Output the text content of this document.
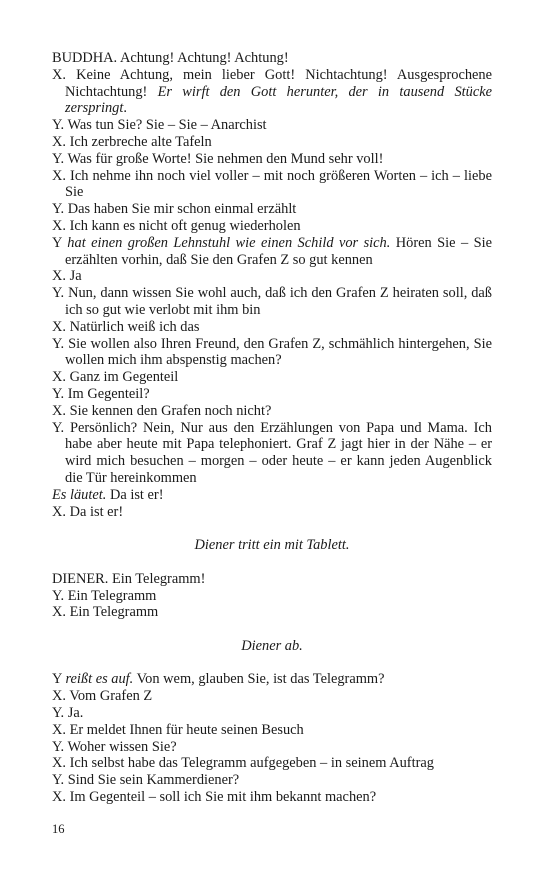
BUDDHA. Achtung! Achtung! Achtung!
X. Keine Achtung, mein lieber Gott! Nichtachtung! Ausgesprochene Nichtachtung! Er wirft den Gott herunter, der in tausend Stücke zerspringt.
Y. Was tun Sie? Sie – Sie – Anarchist
X. Ich zerbreche alte Tafeln
Y. Was für große Worte! Sie nehmen den Mund sehr voll!
X. Ich nehme ihn noch viel voller – mit noch größeren Worten – ich – liebe Sie
Y. Das haben Sie mir schon einmal erzählt
X. Ich kann es nicht oft genug wiederholen
Y hat einen großen Lehnstuhl wie einen Schild vor sich. Hören Sie – Sie erzählten vorhin, daß Sie den Grafen Z so gut kennen
X. Ja
Y. Nun, dann wissen Sie wohl auch, daß ich den Grafen Z heiraten soll, daß ich so gut wie verlobt mit ihm bin
X. Natürlich weiß ich das
Y. Sie wollen also Ihren Freund, den Grafen Z, schmählich hintergehen, Sie wollen mich ihm abspenstig machen?
X. Ganz im Gegenteil
Y. Im Gegenteil?
X. Sie kennen den Grafen noch nicht?
Y. Persönlich? Nein, Nur aus den Erzählungen von Papa und Mama. Ich habe aber heute mit Papa telephoniert. Graf Z jagt hier in der Nähe – er wird mich besuchen – morgen – oder heute – er kann jeden Augenblick die Tür hereinkommen
Es läutet. Da ist er!
X. Da ist er!
Diener tritt ein mit Tablett.
DIENER. Ein Telegramm!
Y. Ein Telegramm
X. Ein Telegramm
Diener ab.
Y reißt es auf. Von wem, glauben Sie, ist das Telegramm?
X. Vom Grafen Z
Y. Ja.
X. Er meldet Ihnen für heute seinen Besuch
Y. Woher wissen Sie?
X. Ich selbst habe das Telegramm aufgegeben – in seinem Auftrag
Y. Sind Sie sein Kammerdiener?
X. Im Gegenteil – soll ich Sie mit ihm bekannt machen?
16
